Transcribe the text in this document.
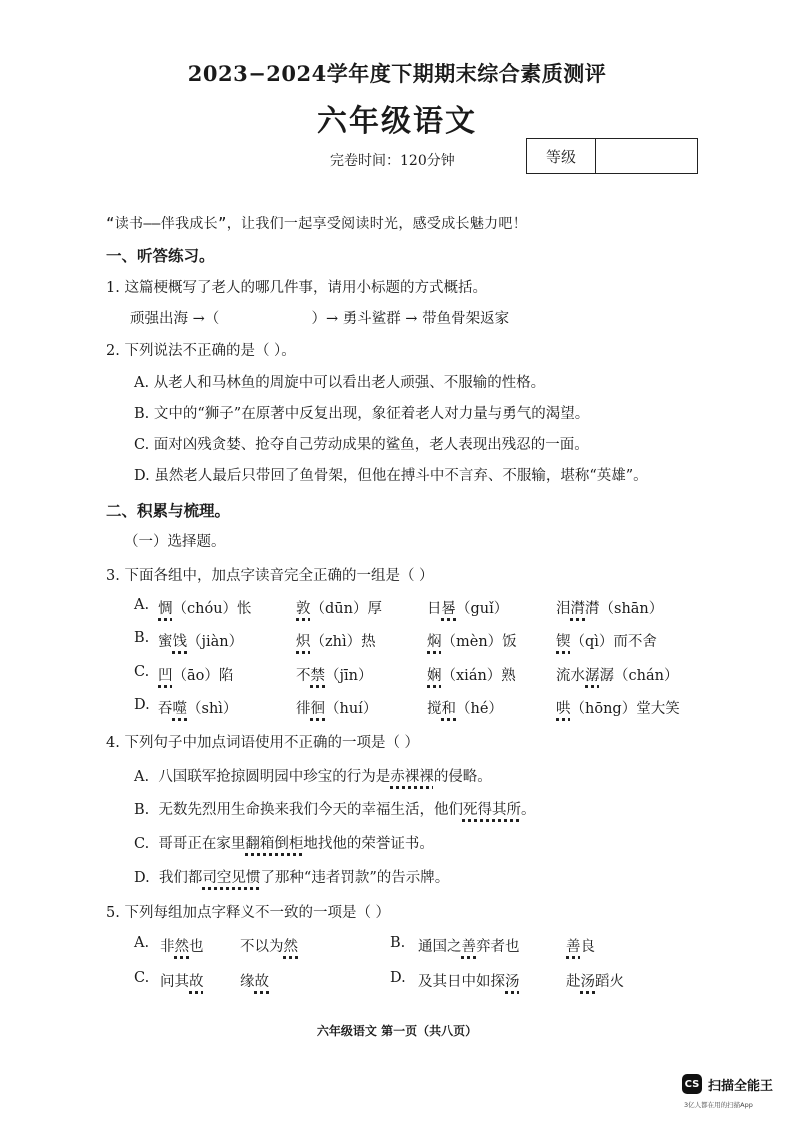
2023−2024学年度下期期末综合素质测评
六年级语文
完卷时间：120分钟	等级
“读书——伴我成长”，让我们一起享受阅读时光，感受成长魅力吧！
一、听答练习。
1. 这篇梗概写了老人的哪几件事，请用小标题的方式概括。
顽强出海 →（                    ）→ 勇斗鲨群 → 带鱼骨架返家
2. 下列说法不正确的是（ ）。
A. 从老人和马林鱼的周旋中可以看出老人顽强、不服输的性格。
B. 文中的“狮子”在原著中反复出现，象征着老人对力量与勇气的渴望。
C. 面对凶残贪婪、抢夺自己劳动成果的鲨鱼，老人表现出残忍的一面。
D. 虽然老人最后只带回了鱼骨架，但他在搏斗中不言弃、不服输，堪称“英雄”。
二、积累与梳理。
（一）选择题。
3. 下面各组中，加点字读音完全正确的一组是（ ）
A. 惆（chóu）怅	敦（dūn）厚	日晷（guǐ）	泪潸潸（shān）
B. 蜜饯（jiàn）	炽（zhì）热	焖（mèn）饭	锲（qì）而不舍
C. 凹（āo）陷	不禁（jīn）	娴（xián）熟	流水潺潺（chán）
D. 吞噬（shì）	徘徊（huí）	搅和（hé）	哄（hōng）堂大笑
4. 下列句子中加点词语使用不正确的一项是（ ）
A. 八国联军抢掠圆明园中珍宝的行为是赤裸裸的侵略。
B. 无数先烈用生命换来我们今天的幸福生活，他们死得其所。
C. 哥哥正在家里翻箱倒柜地找他的荣誉证书。
D. 我们都司空见惯了那种“违者罚款”的告示牌。
5. 下列每组加点字释义不一致的一项是（ ）
A. 非然也	不以为然	B. 通国之善弈者也	善良
C. 问其故	缘故	D. 及其日中如探汤	赴汤蹈火
六年级语文 第一页（共八页）
CS 扫描全能王
3亿人都在用的扫描App
